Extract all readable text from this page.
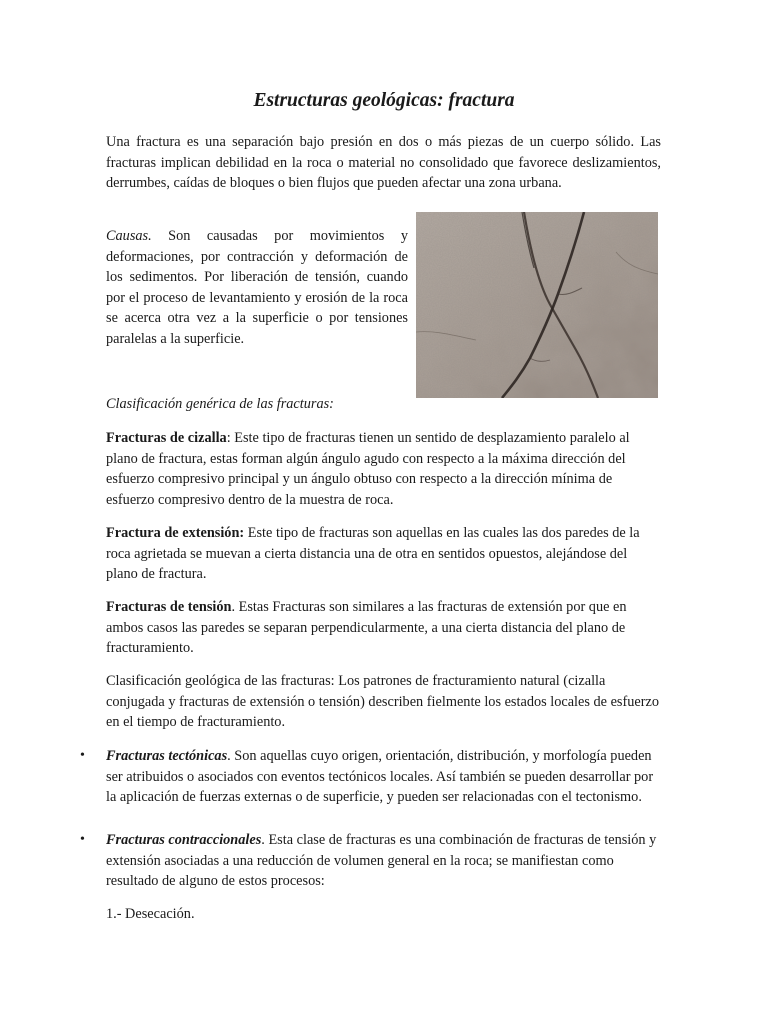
Estructuras geológicas: fractura

Una fractura es una separación bajo presión en dos o más piezas de un cuerpo sólido. Las fracturas implican debilidad en la roca o material no consolidado que favorece deslizamientos, derrumbes, caídas de bloques o bien flujos que pueden afectar una zona urbana.

Causas. Son causadas por movimientos y deformaciones, por contracción y deformación de los sedimentos. Por liberación de tensión, cuando por el proceso de levantamiento y erosión de la roca se acerca otra vez a la superficie o por tensiones paralelas a la superficie.

Clasificación genérica de las fracturas:

Fracturas de cizalla: Este tipo de fracturas tienen un sentido de desplazamiento paralelo al plano de fractura, estas forman algún ángulo agudo con respecto a la máxima dirección del esfuerzo compresivo principal y un ángulo obtuso con respecto a la dirección mínima de esfuerzo compresivo dentro de la muestra de roca.

Fractura de extensión: Este tipo de fracturas son aquellas en las cuales las dos paredes de la roca agrietada se muevan a cierta distancia una de otra en sentidos opuestos, alejándose del plano de fractura.

Fracturas de tensión. Estas Fracturas son similares a las fracturas de extensión por que en ambos casos las paredes se separan perpendicularmente, a una cierta distancia del plano de fracturamiento.

Clasificación geológica de las fracturas: Los patrones de fracturamiento natural (cizalla conjugada y fracturas de extensión o tensión) describen fielmente los estados locales de esfuerzo en el tiempo de fracturamiento.

• Fracturas tectónicas. Son aquellas cuyo origen, orientación, distribución, y morfología pueden ser atribuidos o asociados con eventos tectónicos locales. Así también se pueden desarrollar por la aplicación de fuerzas externas o de superficie, y pueden ser relacionadas con el tectonismo.

• Fracturas contraccionales. Esta clase de fracturas es una combinación de fracturas de tensión y extensión asociadas a una reducción de volumen general en la roca; se manifiestan como resultado de alguno de estos procesos:

1.- Desecación.
